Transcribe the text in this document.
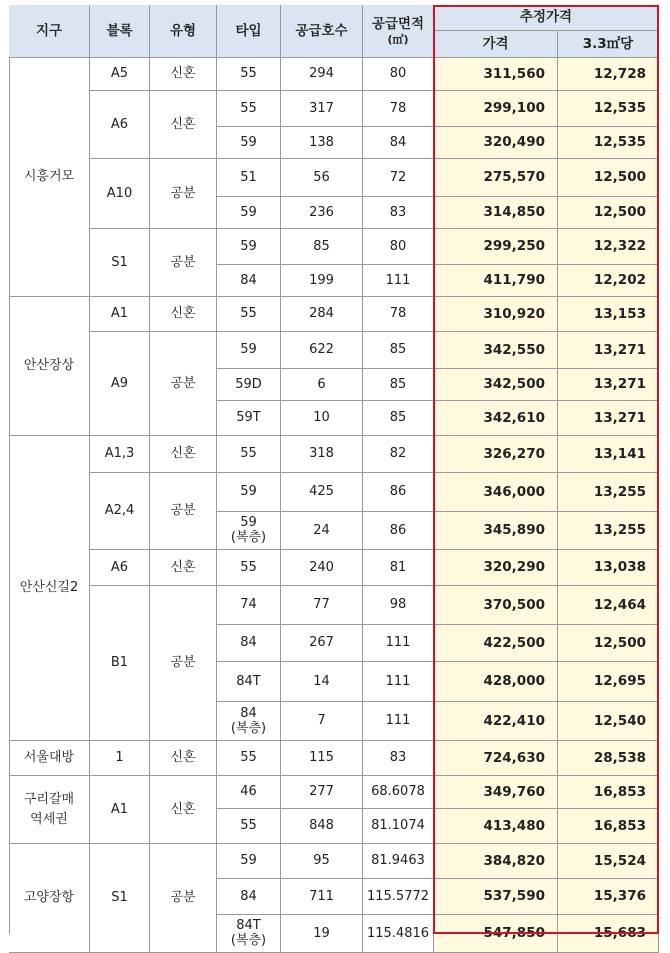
지구	블록	유형	타입	공급호수	공급면적
(㎡)
추정가격
가격	3.3㎡당
시흥거모
A5	신혼	55	294	80	311,560	12,728
A6	신혼
55	317	78	299,100	12,535
59	138	84	320,490	12,535
A10	공분
51	56	72	275,570	12,500
59	236	83	314,850	12,500
S1	공분
59	85	80	299,250	12,322
84	199	111	411,790	12,202
안산장상
A1	신혼	55	284	78	310,920	13,153
A9	공분
59	622	85	342,550	13,271
59D	6	85	342,500	13,271
59T	10	85	342,610	13,271
안산신길2
A1,3	신혼	55	318	82	326,270	13,141
A2,4	공분
59	425	86	346,000	13,255
59
(복층)	24	86	345,890	13,255
A6	신혼	55	240	81	320,290	13,038
B1	공분
74	77	98	370,500	12,464
84	267	111	422,500	12,500
84T	14	111	428,000	12,695
84
(복층)	7	111	422,410	12,540
서울대방	1	신혼	55	115	83	724,630	28,538
구리갈매
역세권
A1	신혼
46	277	68.6078	349,760	16,853
55	848	81.1074	413,480	16,853
고양장항	S1	공분
59	95	81.9463	384,820	15,524
84	711	115.5772	537,590	15,376
84T
(복층)	19	115.4816	547,850	15,683
